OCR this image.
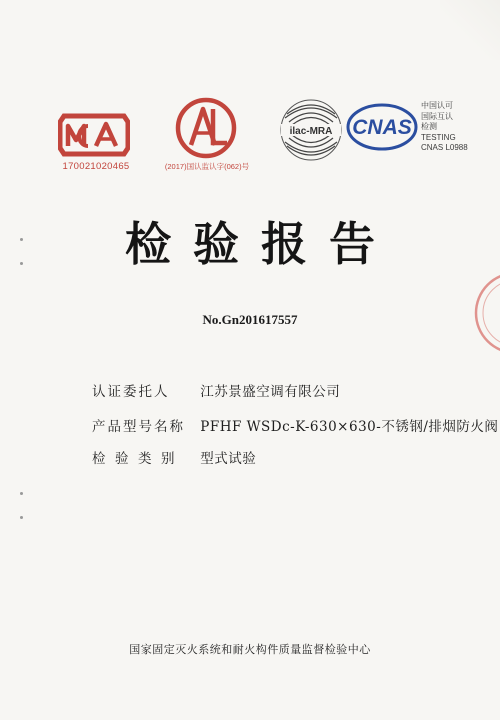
170021020465	(2017)国认监认字(062)号
ilac-MRA CNAS
中国认可
国际互认
检测
TESTING
CNAS L0988
检验报告
No.Gn201617557
认证委托人 江苏景盛空调有限公司
产品型号名称 PFHF WSDc-K-630×630-不锈钢/排烟防火阀
检验类别 型式试验
国家固定灭火系统和耐火构件质量监督检验中心
